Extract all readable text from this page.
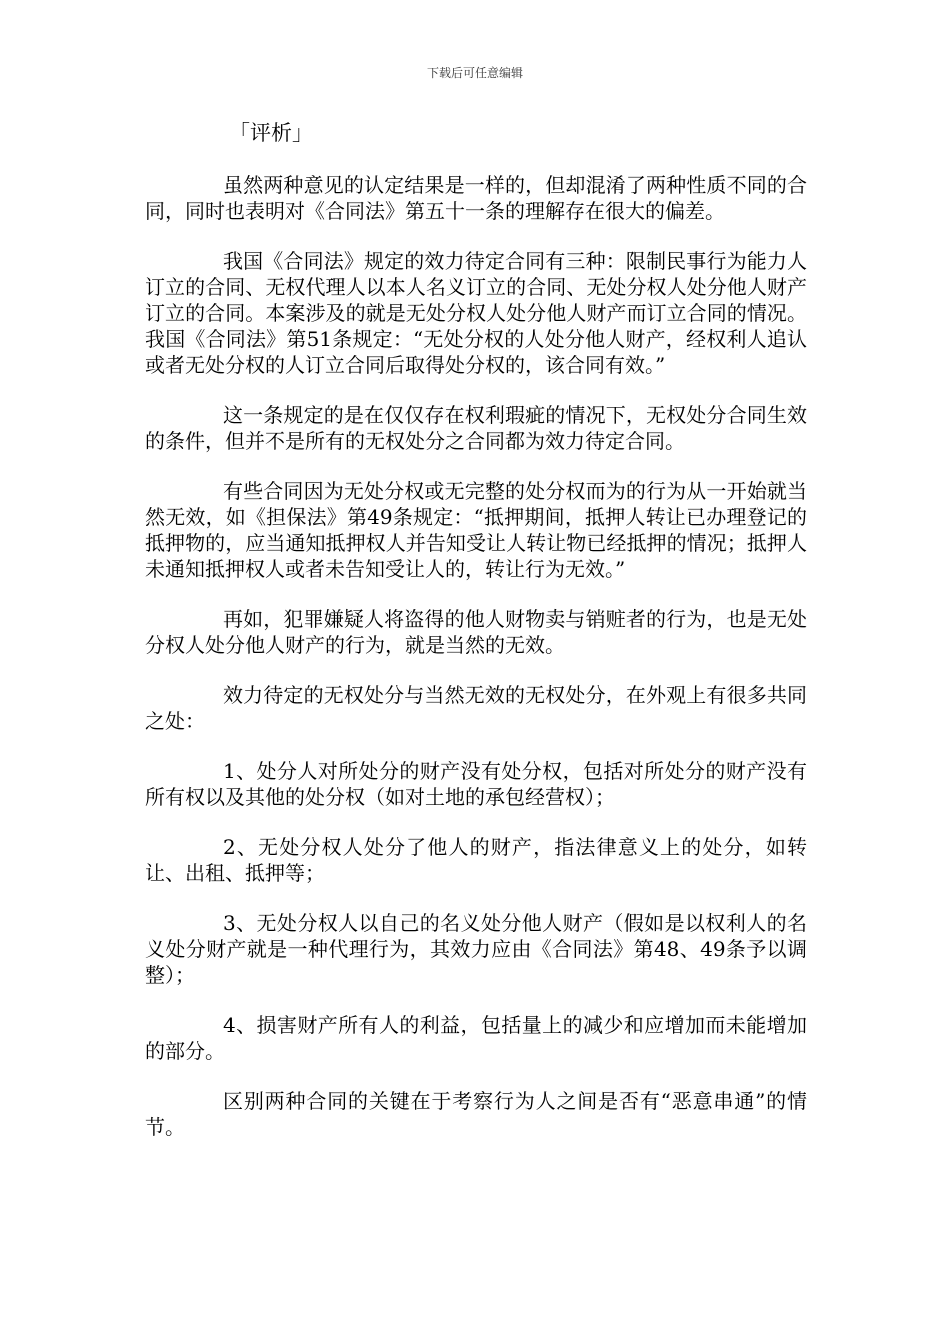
下载后可任意编辑
「评析」

虽然两种意见的认定结果是一样的，但却混淆了两种性质不同的合同，同时也表明对《合同法》第五十一条的理解存在很大的偏差。

我国《合同法》规定的效力待定合同有三种：限制民事行为能力人订立的合同、无权代理人以本人名义订立的合同、无处分权人处分他人财产订立的合同。本案涉及的就是无处分权人处分他人财产而订立合同的情况。我国《合同法》第51条规定：“无处分权的人处分他人财产，经权利人追认或者无处分权的人订立合同后取得处分权的，该合同有效。”

这一条规定的是在仅仅存在权利瑕疵的情况下，无权处分合同生效的条件，但并不是所有的无权处分之合同都为效力待定合同。

有些合同因为无处分权或无完整的处分权而为的行为从一开始就当然无效，如《担保法》第49条规定：“抵押期间，抵押人转让已办理登记的抵押物的，应当通知抵押权人并告知受让人转让物已经抵押的情况；抵押人未通知抵押权人或者未告知受让人的，转让行为无效。”

再如，犯罪嫌疑人将盗得的他人财物卖与销赃者的行为，也是无处分权人处分他人财产的行为，就是当然的无效。

效力待定的无权处分与当然无效的无权处分，在外观上有很多共同之处：

1、处分人对所处分的财产没有处分权，包括对所处分的财产没有所有权以及其他的处分权（如对土地的承包经营权）；

2、无处分权人处分了他人的财产，指法律意义上的处分，如转让、出租、抵押等；

3、无处分权人以自己的名义处分他人财产（假如是以权利人的名义处分财产就是一种代理行为，其效力应由《合同法》第48、49条予以调整）；

4、损害财产所有人的利益，包括量上的减少和应增加而未能增加的部分。

区别两种合同的关键在于考察行为人之间是否有“恶意串通”的情节。
